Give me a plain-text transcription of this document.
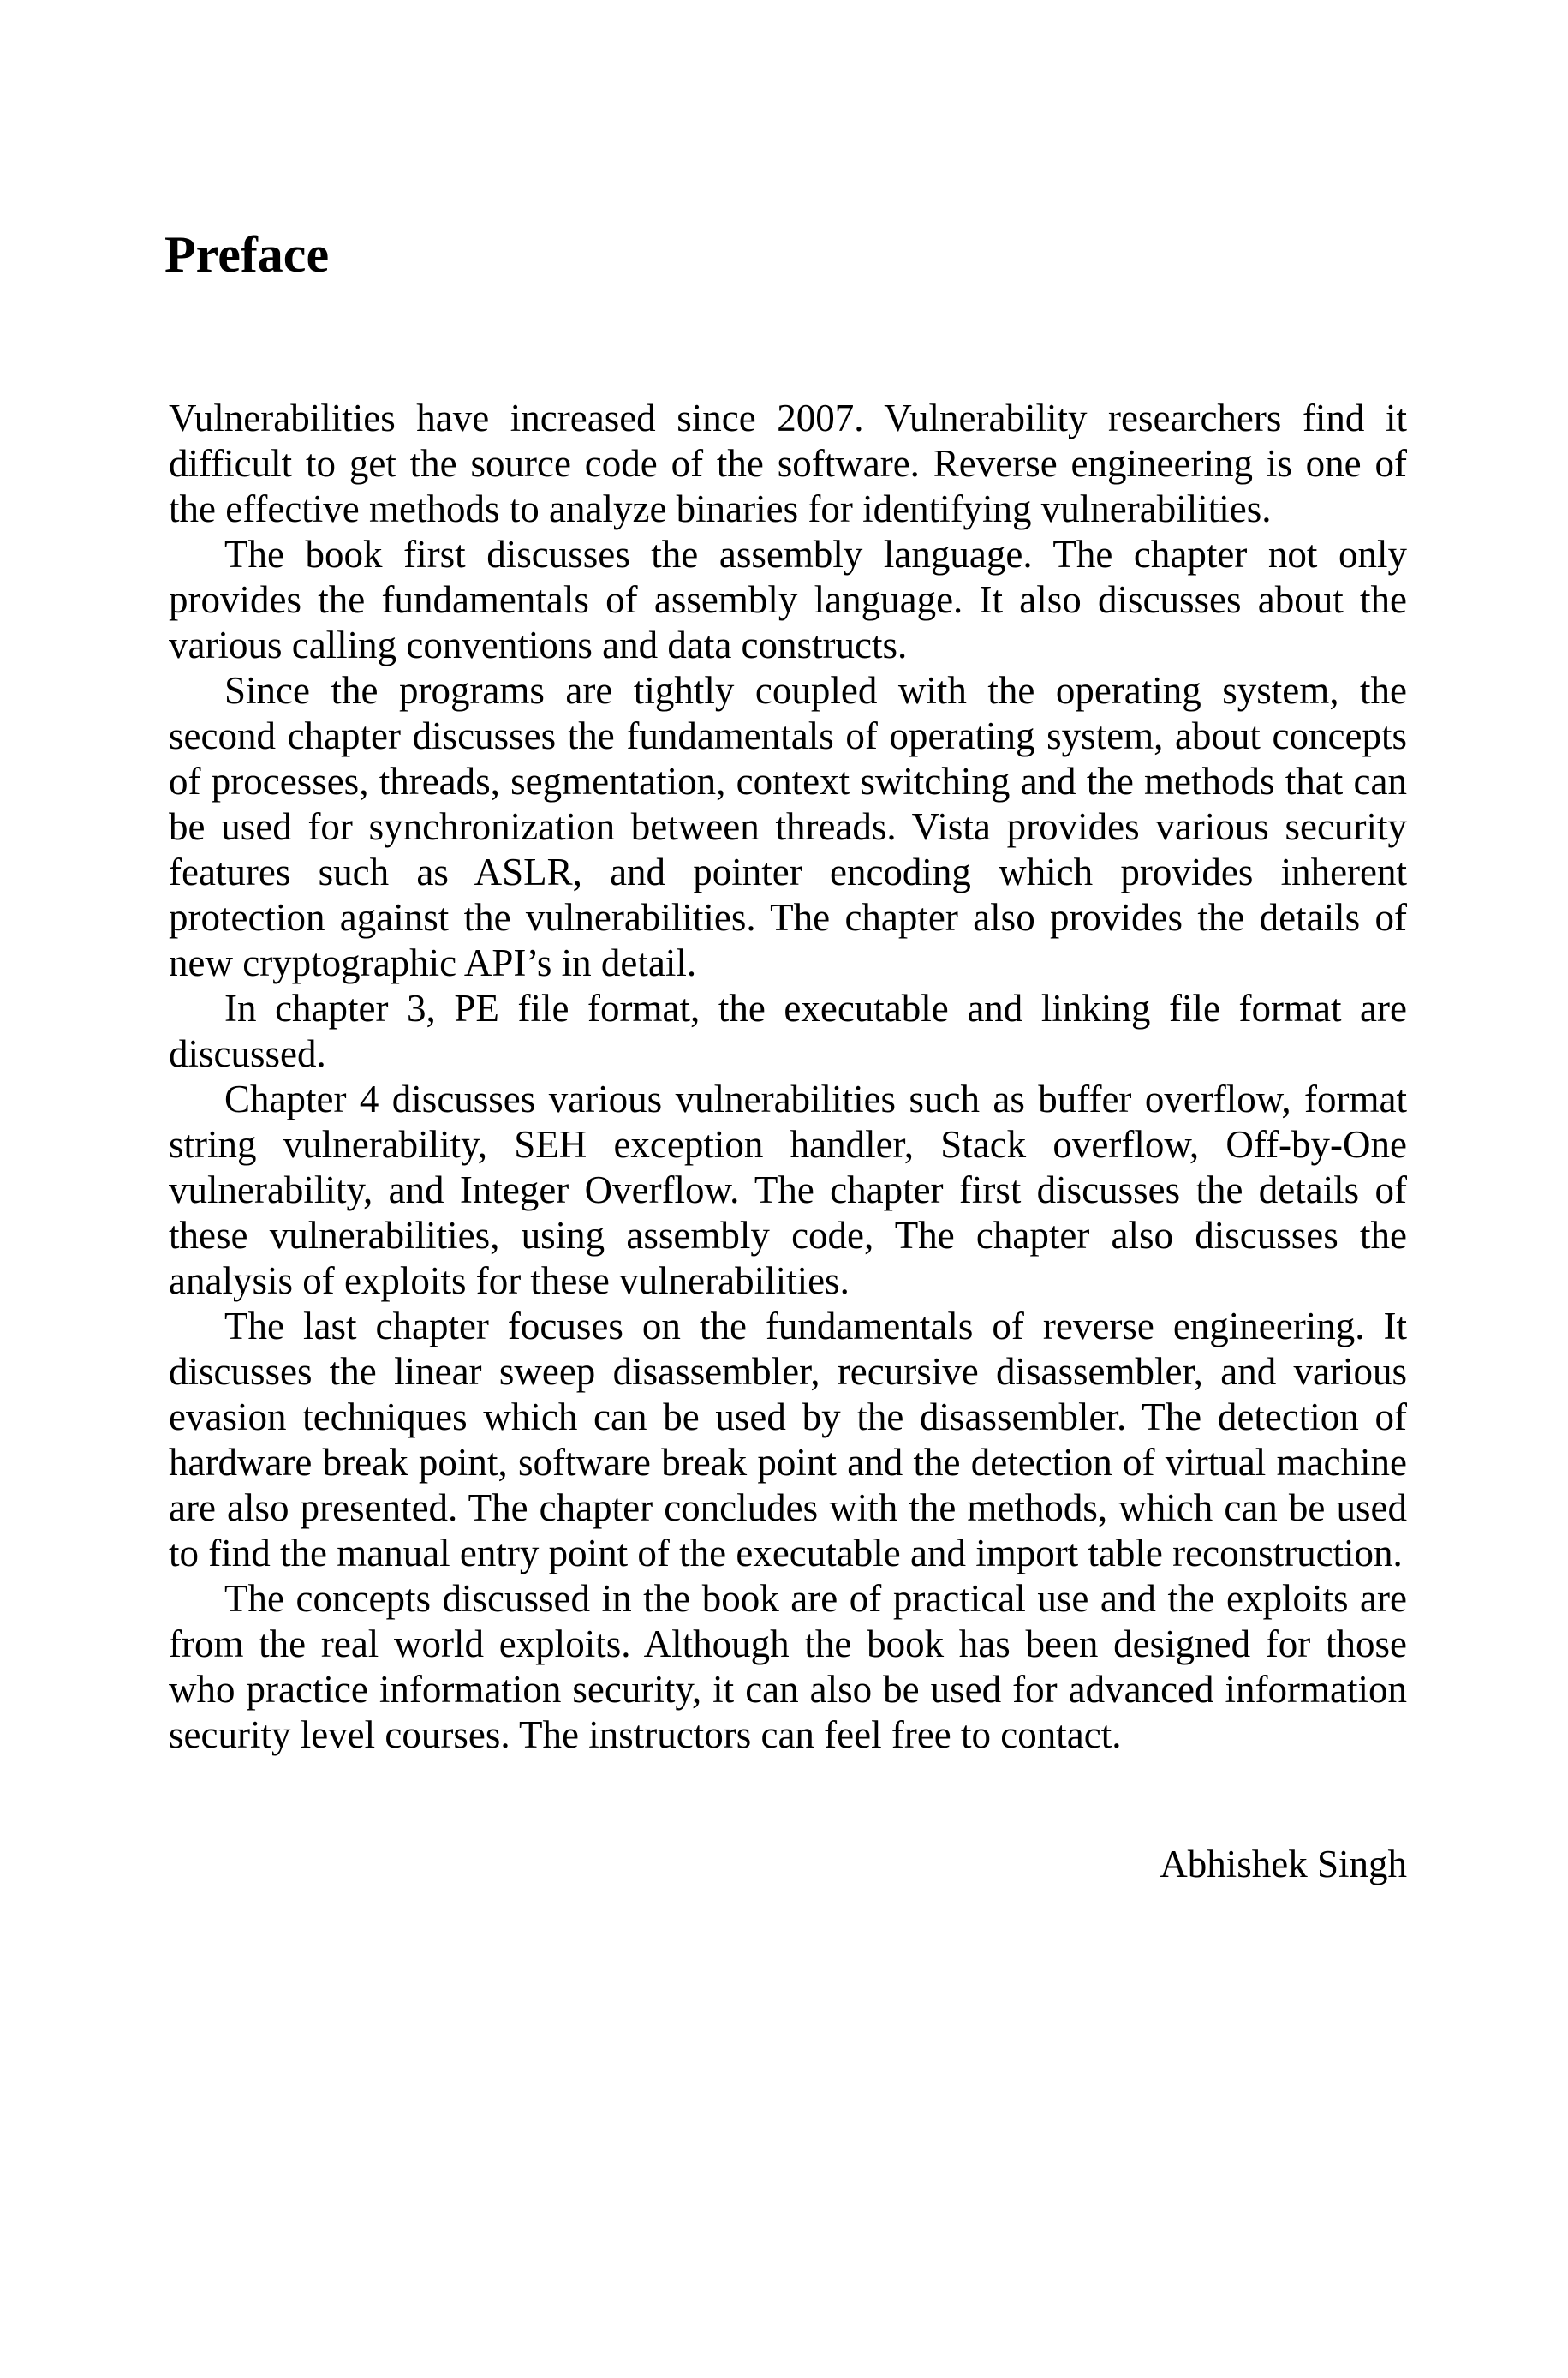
Preface

Vulnerabilities have increased since 2007. Vulnerability researchers find it difficult to get the source code of the software. Reverse engineering is one of the effective methods to analyze binaries for identifying vulnerabilities.

The book first discusses the assembly language. The chapter not only provides the fundamentals of assembly language. It also discusses about the various calling conventions and data constructs.

Since the programs are tightly coupled with the operating system, the second chapter discusses the fundamentals of operating system, about concepts of processes, threads, segmentation, context switching and the methods that can be used for synchronization between threads. Vista provides various security features such as ASLR, and pointer encoding which provides inherent protection against the vulnerabilities. The chapter also provides the details of new cryptographic API’s in detail.

In chapter 3, PE file format, the executable and linking file format are discussed.

Chapter 4 discusses various vulnerabilities such as buffer overflow, format string vulnerability, SEH exception handler, Stack overflow, Off-by-One vulnerability, and Integer Overflow. The chapter first discusses the details of these vulnerabilities, using assembly code, The chapter also discusses the analysis of exploits for these vulnerabilities.

The last chapter focuses on the fundamentals of reverse engineering. It discusses the linear sweep disassembler, recursive disassembler, and various evasion techniques which can be used by the disassembler. The detection of hardware break point, software break point and the detection of virtual machine are also presented. The chapter concludes with the methods, which can be used to find the manual entry point of the executable and import table reconstruction.

The concepts discussed in the book are of practical use and the exploits are from the real world exploits. Although the book has been designed for those who practice information security, it can also be used for advanced information security level courses. The instructors can feel free to contact.

Abhishek Singh
